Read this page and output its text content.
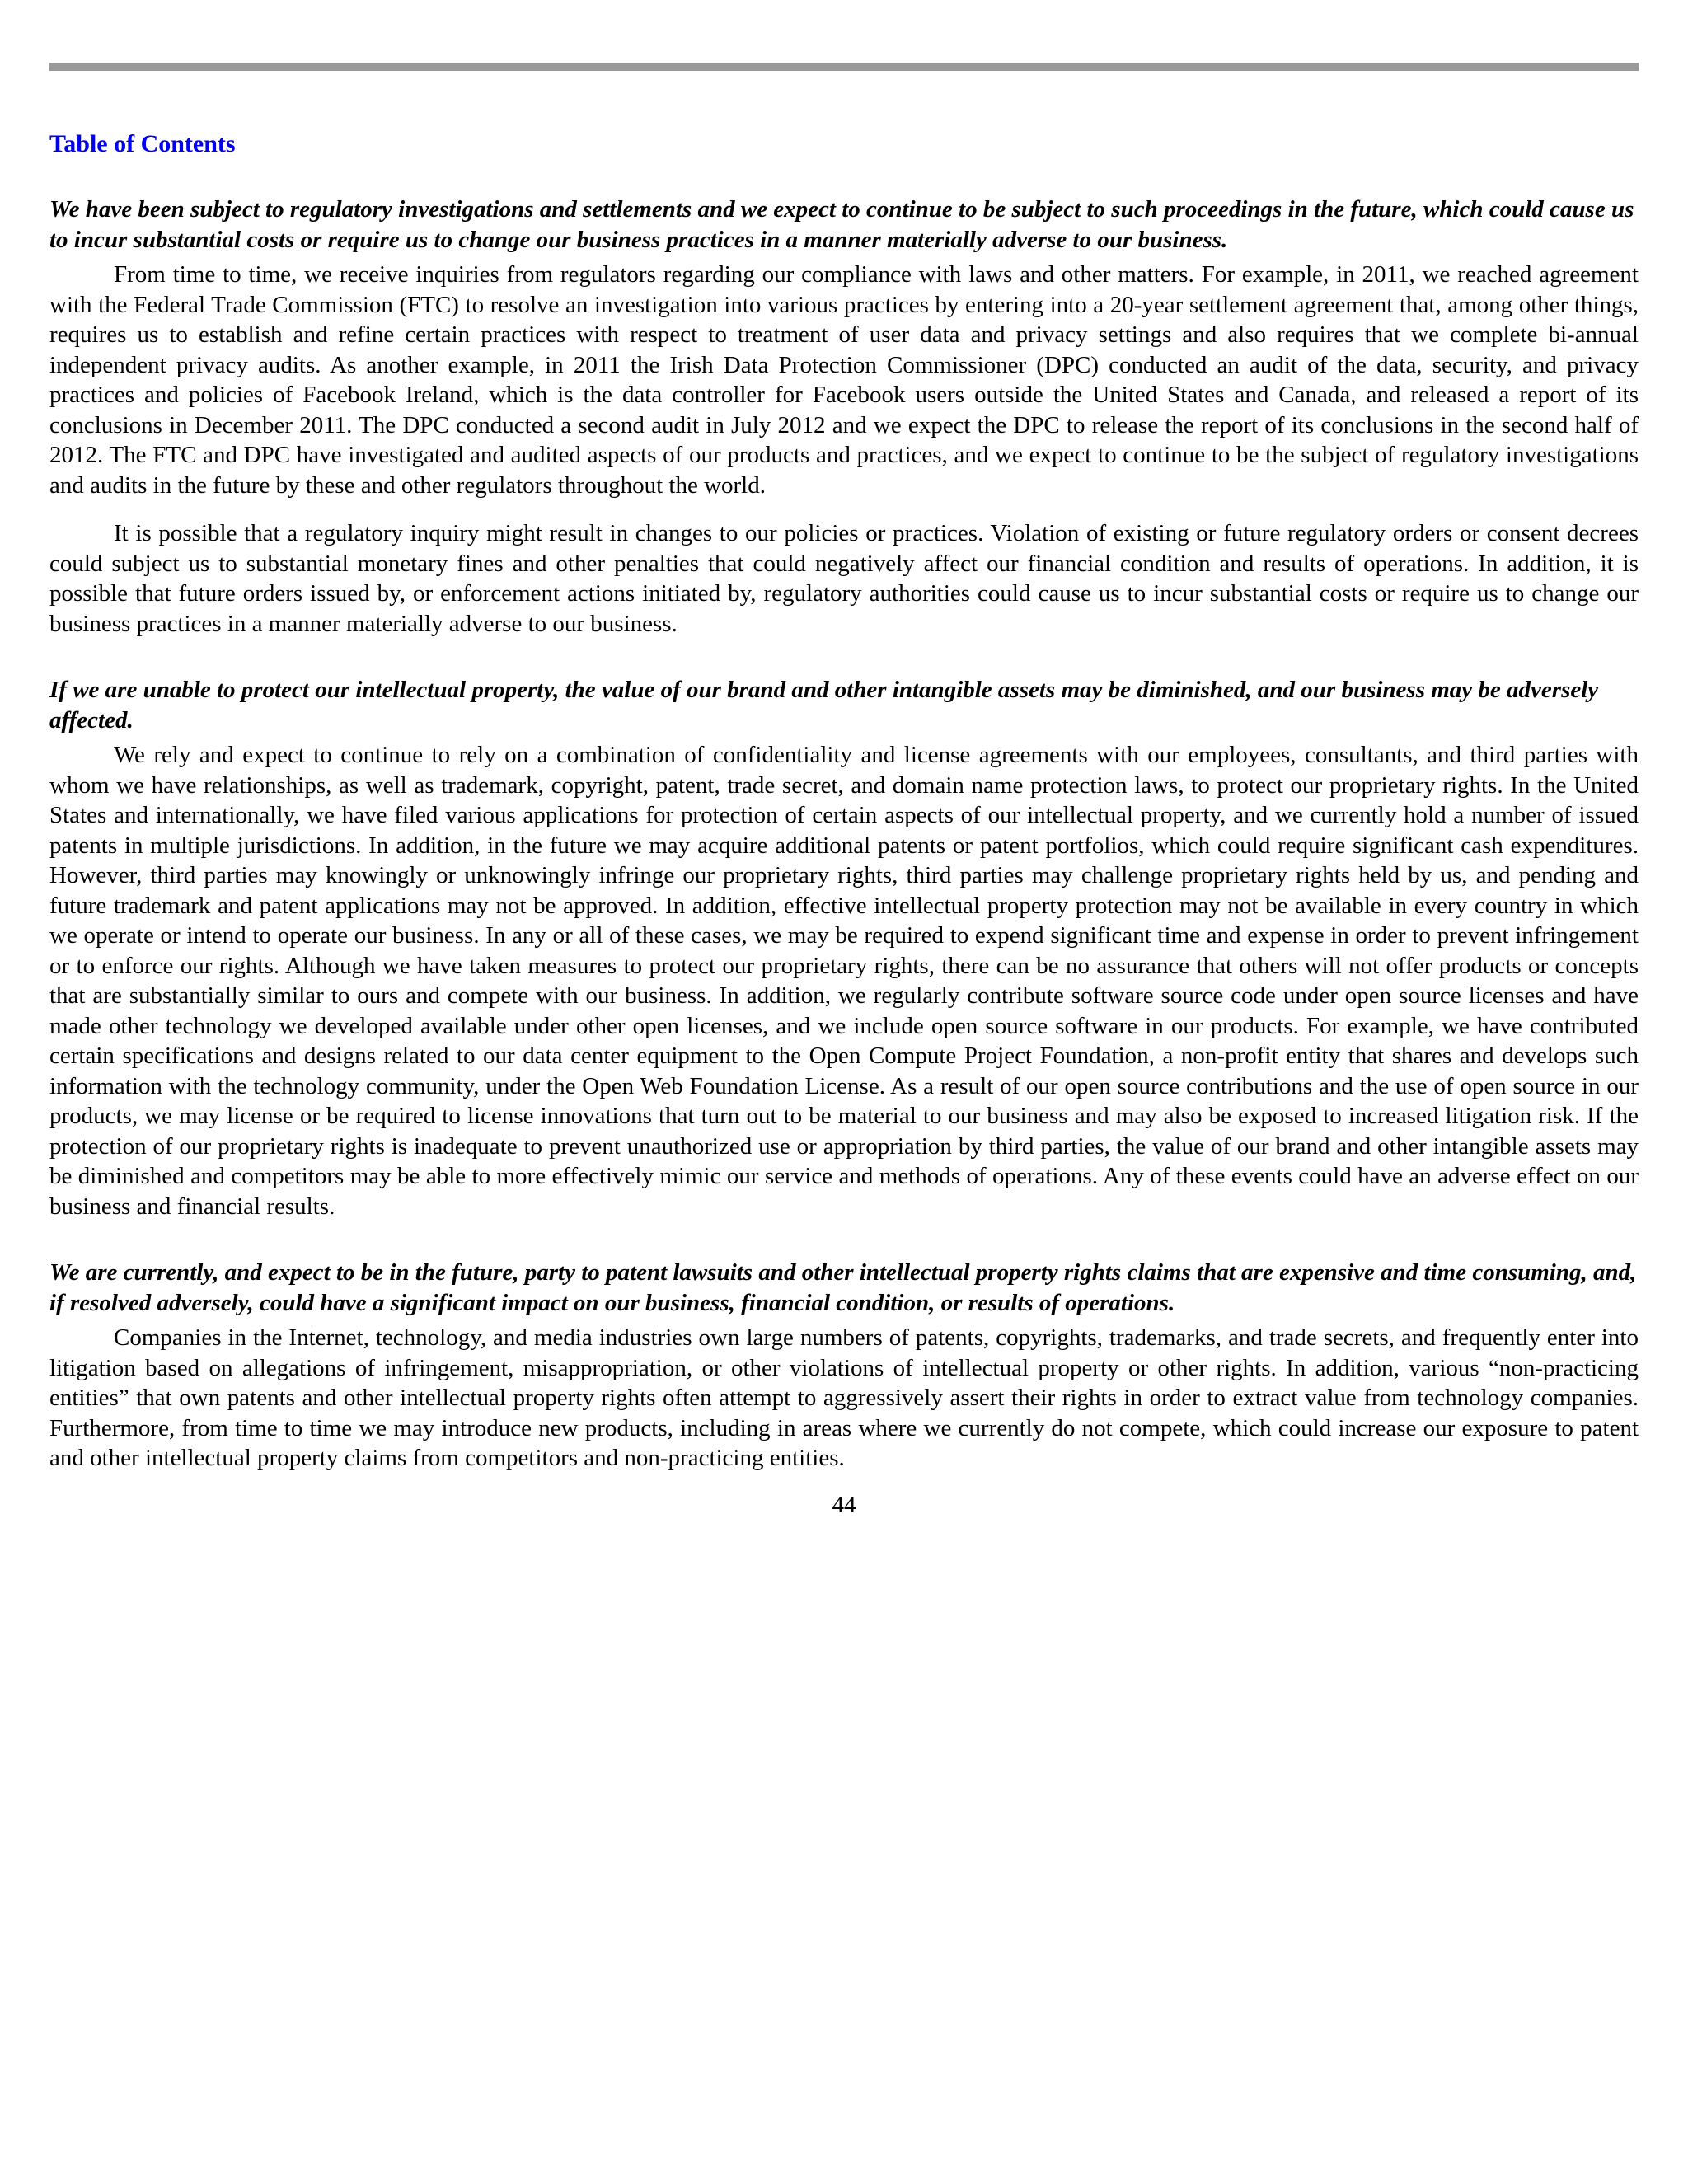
Table of Contents

We have been subject to regulatory investigations and settlements and we expect to continue to be subject to such proceedings in the future, which could cause us to incur substantial costs or require us to change our business practices in a manner materially adverse to our business.

From time to time, we receive inquiries from regulators regarding our compliance with laws and other matters. For example, in 2011, we reached agreement with the Federal Trade Commission (FTC) to resolve an investigation into various practices by entering into a 20-year settlement agreement that, among other things, requires us to establish and refine certain practices with respect to treatment of user data and privacy settings and also requires that we complete bi-annual independent privacy audits. As another example, in 2011 the Irish Data Protection Commissioner (DPC) conducted an audit of the data, security, and privacy practices and policies of Facebook Ireland, which is the data controller for Facebook users outside the United States and Canada, and released a report of its conclusions in December 2011. The DPC conducted a second audit in July 2012 and we expect the DPC to release the report of its conclusions in the second half of 2012. The FTC and DPC have investigated and audited aspects of our products and practices, and we expect to continue to be the subject of regulatory investigations and audits in the future by these and other regulators throughout the world.

It is possible that a regulatory inquiry might result in changes to our policies or practices. Violation of existing or future regulatory orders or consent decrees could subject us to substantial monetary fines and other penalties that could negatively affect our financial condition and results of operations. In addition, it is possible that future orders issued by, or enforcement actions initiated by, regulatory authorities could cause us to incur substantial costs or require us to change our business practices in a manner materially adverse to our business.

If we are unable to protect our intellectual property, the value of our brand and other intangible assets may be diminished, and our business may be adversely affected.

We rely and expect to continue to rely on a combination of confidentiality and license agreements with our employees, consultants, and third parties with whom we have relationships, as well as trademark, copyright, patent, trade secret, and domain name protection laws, to protect our proprietary rights. In the United States and internationally, we have filed various applications for protection of certain aspects of our intellectual property, and we currently hold a number of issued patents in multiple jurisdictions. In addition, in the future we may acquire additional patents or patent portfolios, which could require significant cash expenditures. However, third parties may knowingly or unknowingly infringe our proprietary rights, third parties may challenge proprietary rights held by us, and pending and future trademark and patent applications may not be approved. In addition, effective intellectual property protection may not be available in every country in which we operate or intend to operate our business. In any or all of these cases, we may be required to expend significant time and expense in order to prevent infringement or to enforce our rights. Although we have taken measures to protect our proprietary rights, there can be no assurance that others will not offer products or concepts that are substantially similar to ours and compete with our business. In addition, we regularly contribute software source code under open source licenses and have made other technology we developed available under other open licenses, and we include open source software in our products. For example, we have contributed certain specifications and designs related to our data center equipment to the Open Compute Project Foundation, a non-profit entity that shares and develops such information with the technology community, under the Open Web Foundation License. As a result of our open source contributions and the use of open source in our products, we may license or be required to license innovations that turn out to be material to our business and may also be exposed to increased litigation risk. If the protection of our proprietary rights is inadequate to prevent unauthorized use or appropriation by third parties, the value of our brand and other intangible assets may be diminished and competitors may be able to more effectively mimic our service and methods of operations. Any of these events could have an adverse effect on our business and financial results.

We are currently, and expect to be in the future, party to patent lawsuits and other intellectual property rights claims that are expensive and time consuming, and, if resolved adversely, could have a significant impact on our business, financial condition, or results of operations.

Companies in the Internet, technology, and media industries own large numbers of patents, copyrights, trademarks, and trade secrets, and frequently enter into litigation based on allegations of infringement, misappropriation, or other violations of intellectual property or other rights. In addition, various “non-practicing entities” that own patents and other intellectual property rights often attempt to aggressively assert their rights in order to extract value from technology companies. Furthermore, from time to time we may introduce new products, including in areas where we currently do not compete, which could increase our exposure to patent and other intellectual property claims from competitors and non-practicing entities.

44
